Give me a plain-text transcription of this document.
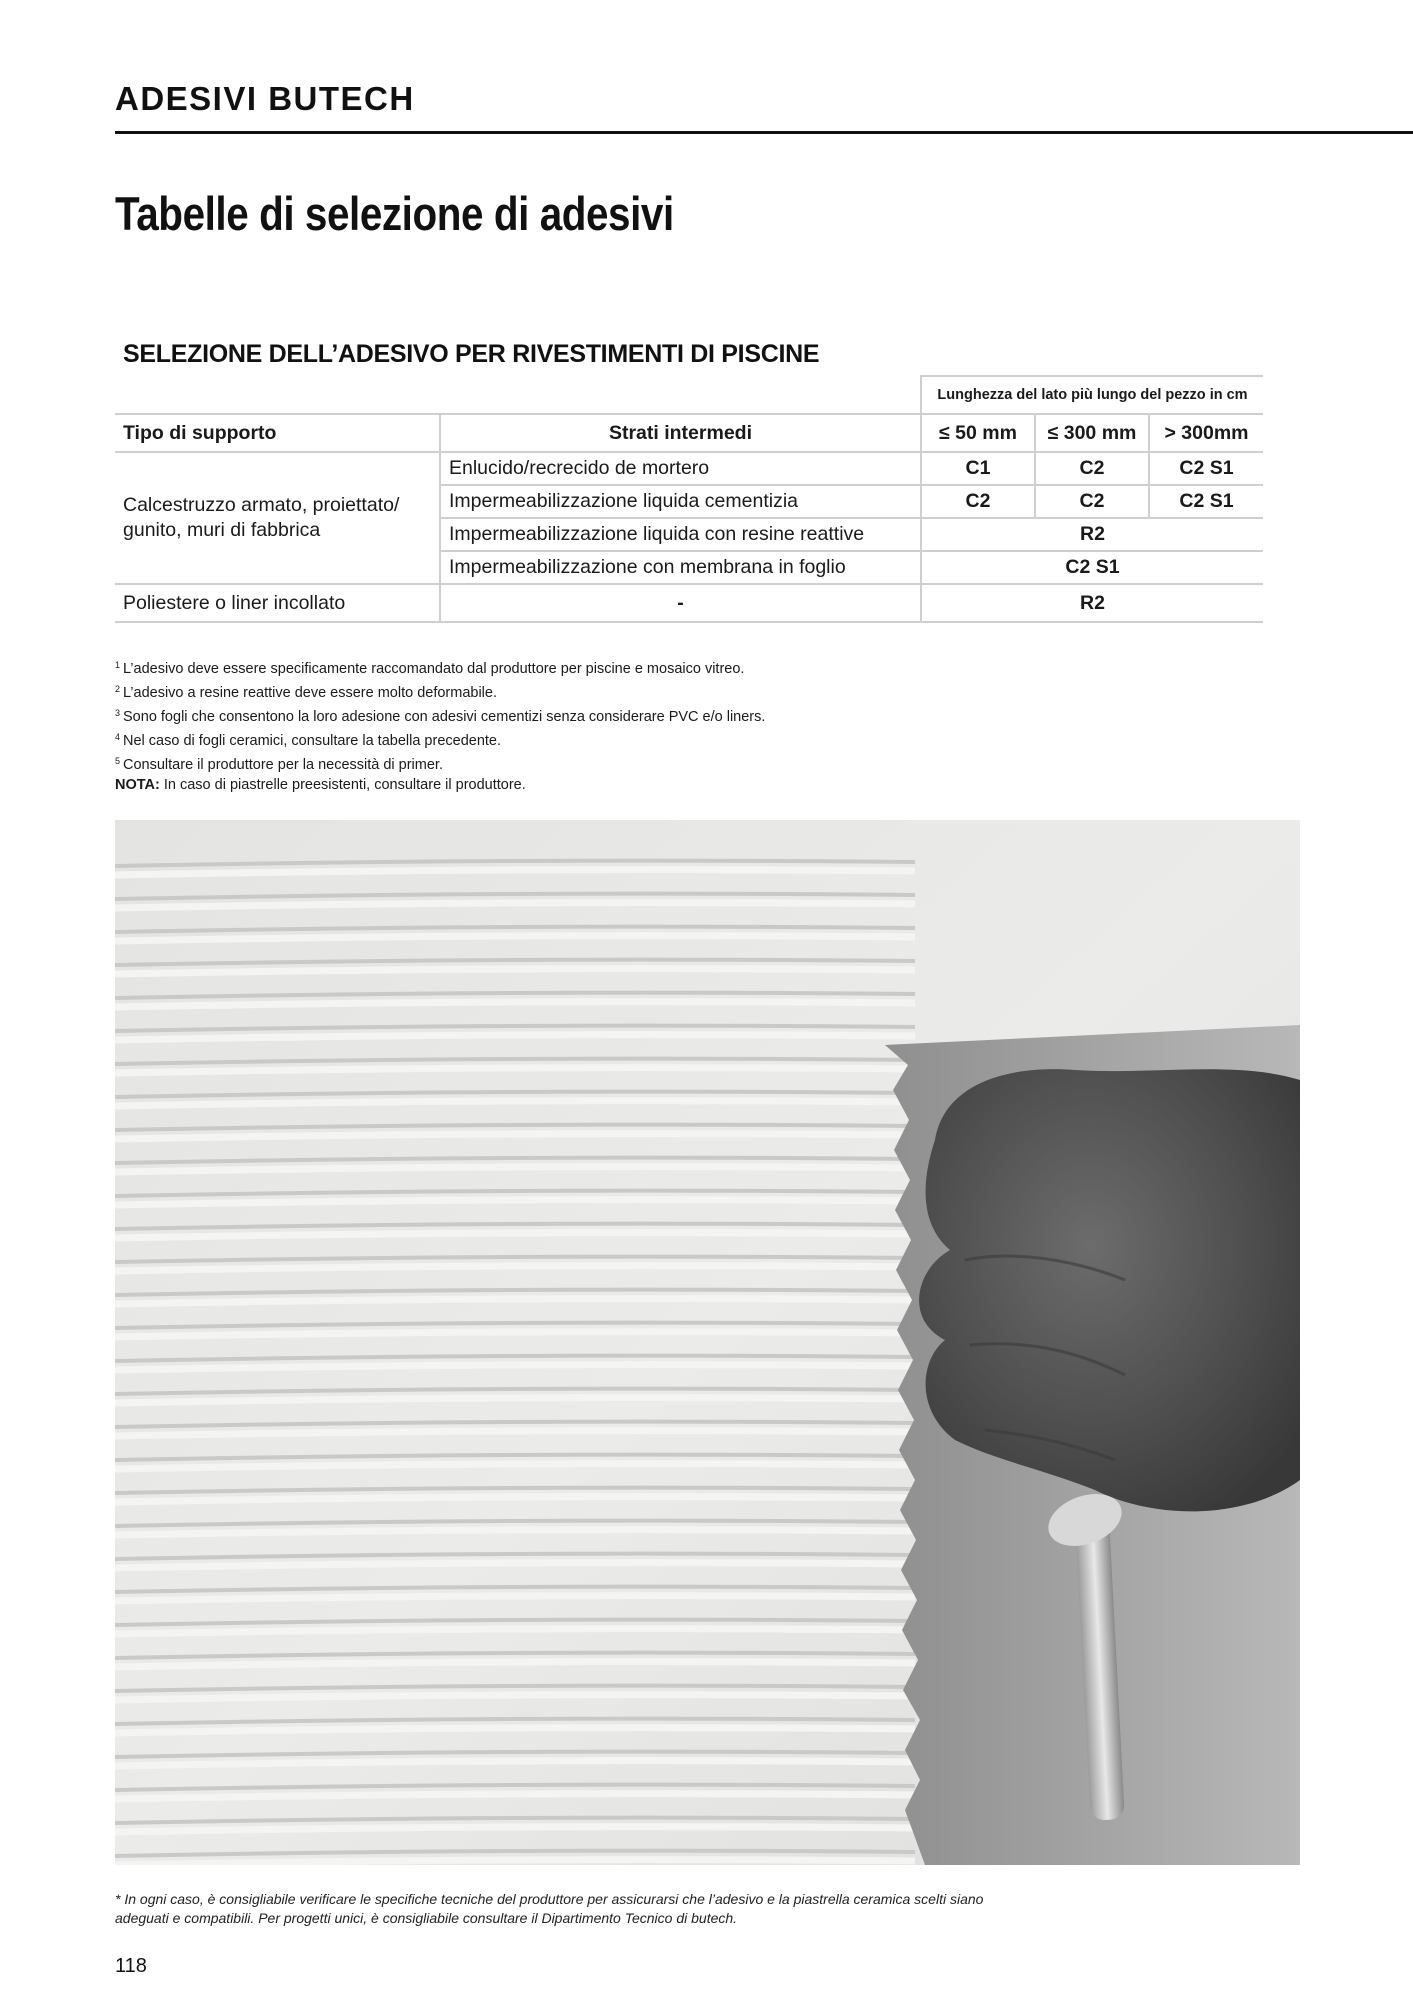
ADESIVI BUTECH
Tabelle di selezione di adesivi
SELEZIONE DELL’ADESIVO PER RIVESTIMENTI DI PISCINE
		Lunghezza del lato più lungo del pezzo in cm		
Tipo di supporto	Strati intermedi	≤ 50 mm	≤ 300 mm	> 300mm
Calcestruzzo armato, proiettato/ gunito, muri di fabbrica	Enlucido/recrecido de mortero	C1	C2	C2 S1
	Impermeabilizzazione liquida cementizia	C2	C2	C2 S1
	Impermeabilizzazione liquida con resine reattive	R2		
	Impermeabilizzazione con membrana in foglio	C2 S1		
Poliestere o liner incollato	-	R2		
$^1$ L’adesivo deve essere specificamente raccomandato dal produttore per piscine e mosaico vitreo.
$^2$ L’adesivo a resine reattive deve essere molto deformabile.
$^3$ Sono fogli che consentono la loro adesione con adesivi cementizi senza considerare PVC e/o liners.
$^4$ Nel caso di fogli ceramici, consultare la tabella precedente.
$^5$ Consultare il produttore per la necessità di primer.
NOTA: In caso di piastrelle preesistenti, consultare il produttore.
* In ogni caso, è consigliabile verificare le specifiche tecniche del produttore per assicurarsi che l’adesivo e la piastrella ceramica scelti siano adeguati e compatibili. Per progetti unici, è consigliabile consultare il Dipartimento Tecnico di butech.
118
